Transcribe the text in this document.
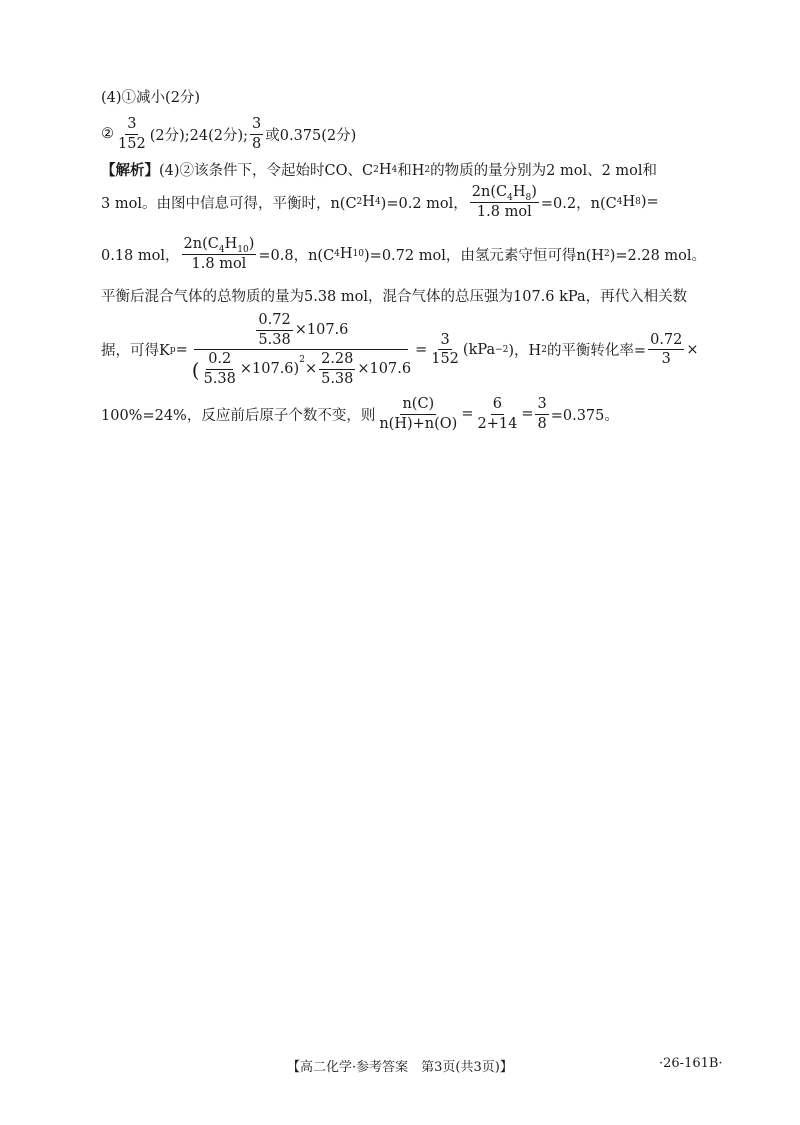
(4)①减小(2分)
② $\frac{3}{152} (2$分);24(2分); $\frac{3}{8}$ 或0.375(2分)
【解析】 (4)②该条件下，令起始时CO、C 2 H 4 和H 2 的物质的量分别为2 mol、2 mol和
3 mol。由图中信息可得，平衡时，n(C 2 H 4 )=0.2 mol， $\frac{2n(C_4H_8)}{\text{1.8 mol}} =0.2$，n(C 4 H 8 )=
0.18 mol， $\frac{2n(C_4H_{10})}{\text{1.8 mol}} =0.8$，n(C 4 H 10 )=0.72 mol，由氢元素守恒可得n(H 2 )=2.28 mol。
平衡后混合气体的总物质的量为5.38 mol，混合气体的总压强为107.6 kPa，再代入相关数
据，可得K p =
$\frac{0.72}{5.38} \times 107.6$
( $\frac{0.2}{5.38} \times 107.6$)
$^2$
× $\frac{2.28}{5.38} \times 107.6$
= $\frac{3}{152} (kPa -2$ )，H 2 的平衡转化率= $\frac{0.72}{3}$ ×
100%=24%，反应前后原子个数不变，则 $\frac{n(C)}{n(H)+n(O)} = \frac{6}{2+14} = \frac{3}{8} =0.375$。
【高二化学·参考答案　第3页(共3页)】	·26-161B·
